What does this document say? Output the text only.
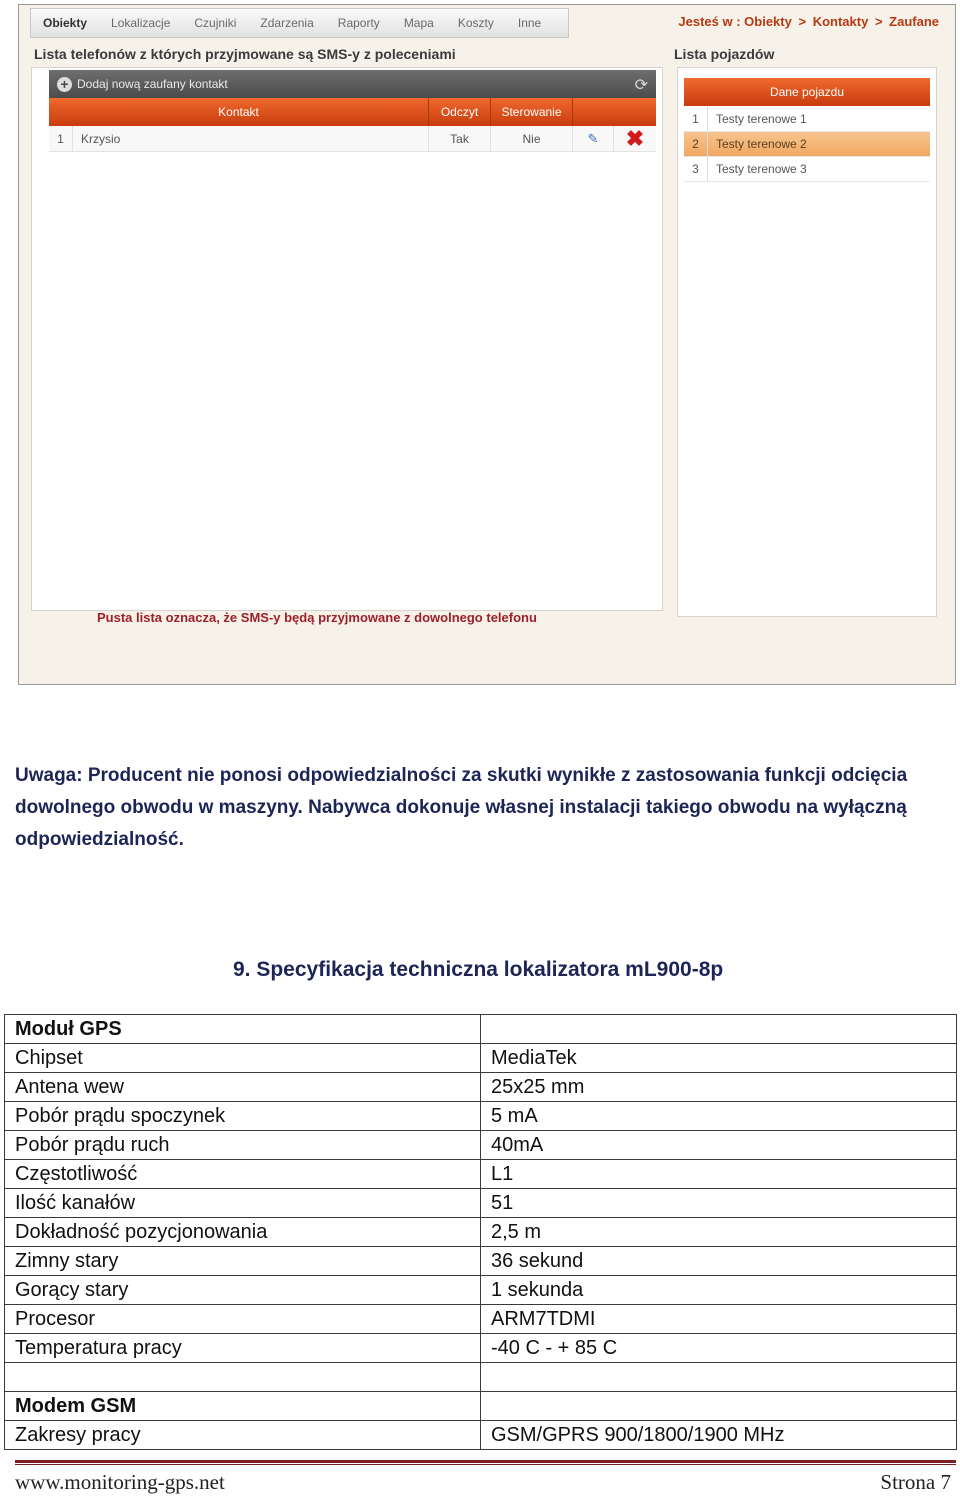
Obiekty	Lokalizacje	Czujniki	Zdarzenia	Raporty	Mapa	Koszty	Inne	Jesteś w : Obiekty > Kontakty > Zaufane
Lista telefonów z których przyjmowane są SMS-y z poleceniami	Lista pojazdów
+ Dodaj nową zaufany kontakt	⟳
Kontakt	Odczyt	Sterowanie
1	Krzysio	Tak	Nie	✎ ✖
Pusta lista oznacza, że SMS-y będą przyjmowane z dowolnego telefonu
Dane pojazdu
1	Testy terenowe 1
2	Testy terenowe 2
3	Testy terenowe 3

Uwaga: Producent nie ponosi odpowiedzialności za skutki wynikłe z zastosowania funkcji odcięcia dowolnego obwodu w maszyny. Nabywca dokonuje własnej instalacji takiego obwodu na wyłączną odpowiedzialność.

9. Specyfikacja techniczna lokalizatora mL900-8p
Moduł GPS	
Chipset	MediaTek
Antena wew	25x25 mm
Pobór prądu spoczynek	5 mA
Pobór prądu ruch	40mA
Częstotliwość	L1
Ilość kanałów	51
Dokładność pozycjonowania	2,5 m
Zimny stary	36 sekund
Gorący stary	1 sekunda
Procesor	ARM7TDMI
Temperatura pracy	-40 C - + 85 C

Modem GSM	
Zakresy pracy	GSM/GPRS 900/1800/1900 MHz
www.monitoring-gps.net	Strona 7
